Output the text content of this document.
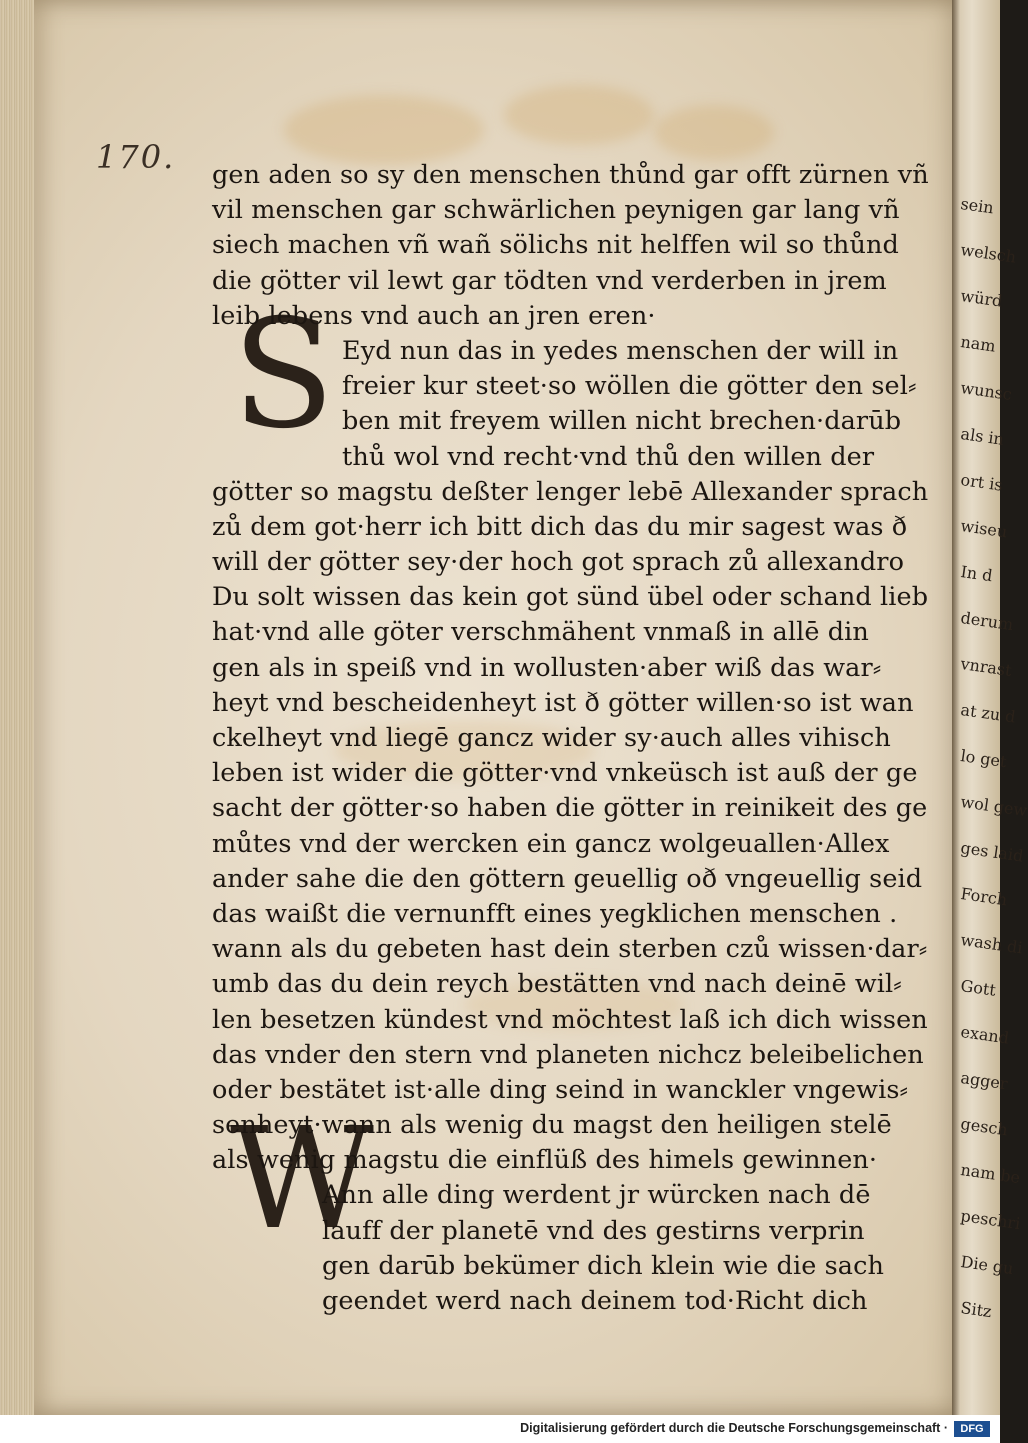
170.
S
W
gen aden so sy den menschen thůnd gar offt zürnen vñ
vil menschen gar schwärlichen peynigen gar lang vñ
siech machen vñ wañ sölichs nit helffen wil so thůnd
die götter vil lewt gar tödten vnd verderben in jrem
leib lebens vnd auch an jren eren·
Eyd nun das in yedes menschen der will in
freier kur steet·so wöllen die götter den sel⸗
ben mit freyem willen nicht brechen·darūb
thů wol vnd recht·vnd thů den willen der
götter so magstu deßter lenger lebē Allexander sprach
zů dem got·herr ich bitt dich das du mir sagest was ð
will der götter sey·der hoch got sprach zů allexandro
Du solt wissen das kein got sünd übel oder schand lieb
hat·vnd alle göter verschmähent vnmaß in allē din
gen als in speiß vnd in wollusten·aber wiß das war⸗
heyt vnd bescheidenheyt ist ð götter willen·so ist wan
ckelheyt vnd liegē gancz wider sy·auch alles vihisch
leben ist wider die götter·vnd vnkeüsch ist auß der ge
sacht der götter·so haben die götter in reinikeit des ge
můtes vnd der wercken ein gancz wolgeuallen·Allex
ander sahe die den göttern geuellig oð vngeuellig seid
das waißt die vernunfft eines yegklichen menschen .
wann als du gebeten hast dein sterben czů wissen·dar⸗
umb das du dein reych bestätten vnd nach deinē wil⸗
len besetzen kündest vnd möchtest laß ich dich wissen
das vnder den stern vnd planeten nichcz beleibelichen
oder bestätet ist·alle ding seind in wanckler vngewis⸗
senheyt·wann als wenig du magst den heiligen stelē
als wenig magstu die einflüß des himels gewinnen·
Ann alle ding werdent jr würcken nach dē
lauff der planetē vnd des gestirns verprin
gen darūb bekümer dich klein wie die sach
geendet werd nach deinem tod·Richt dich
sein
welsch
würd
nam
wunsc
als in
ort is
wiseu
In d
derum
vnrast
at zu d
lo get
wol gew
ges laid
Forch
wash di
Gott
exand
agger
gesch
nam be
peschri
Die gu
Sitz
Digitalisierung gefördert durch die Deutsche Forschungsgemeinschaft ·	DFG
